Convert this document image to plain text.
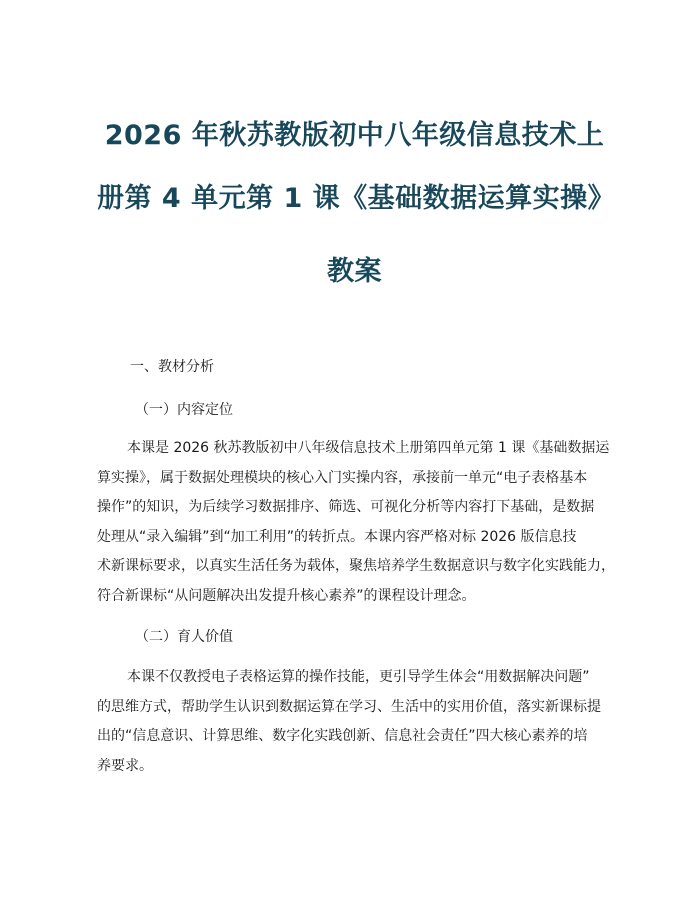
2026 年秋苏教版初中八年级信息技术上
册第 4 单元第 1 课《基础数据运算实操》
教案
一、教材分析
（一）内容定位
本课是 2026 秋苏教版初中八年级信息技术上册第四单元第 1 课《基础数据运
算实操》，属于数据处理模块的核心入门实操内容，承接前一单元“电子表格基本
操作”的知识，为后续学习数据排序、筛选、可视化分析等内容打下基础，是数据
处理从“录入编辑”到“加工利用”的转折点。本课内容严格对标 2026 版信息技
术新课标要求，以真实生活任务为载体，聚焦培养学生数据意识与数字化实践能力，
符合新课标“从问题解决出发提升核心素养”的课程设计理念。
（二）育人价值
本课不仅教授电子表格运算的操作技能，更引导学生体会“用数据解决问题”
的思维方式，帮助学生认识到数据运算在学习、生活中的实用价值，落实新课标提
出的“信息意识、计算思维、数字化实践创新、信息社会责任”四大核心素养的培
养要求。
